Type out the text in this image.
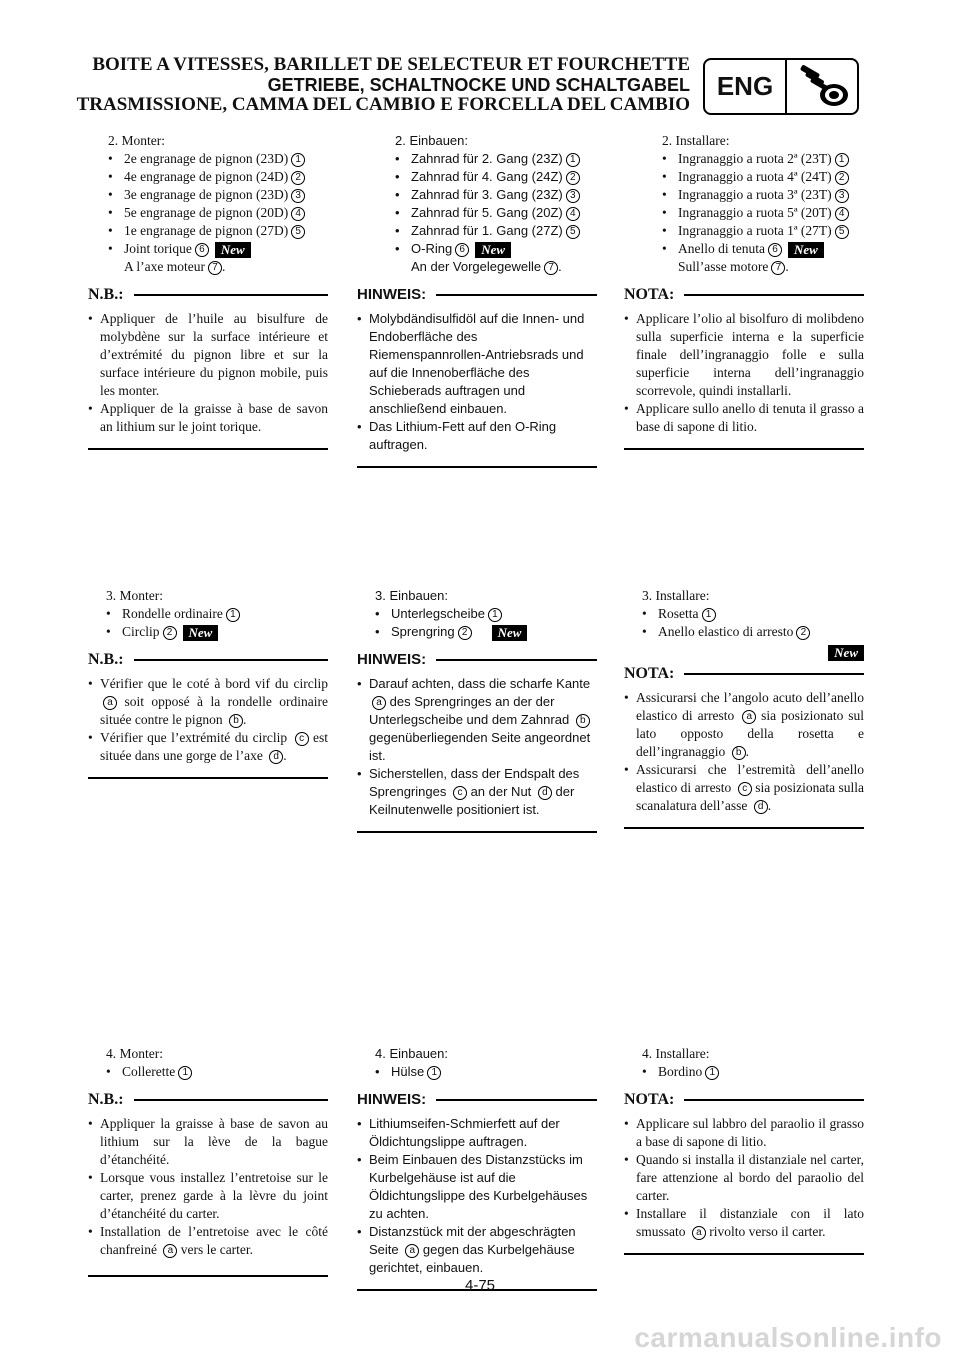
BOITE A VITESSES, BARILLET DE SELECTEUR ET FOURCHETTE
GETRIEBE, SCHALTNOCKE UND SCHALTGABEL
TRASMISSIONE, CAMMA DEL CAMBIO E FORCELLA DEL CAMBIO
ENG
2. Monter:
• 2e engranage de pignon (23D) 1
• 4e engranage de pignon (24D) 2
• 3e engranage de pignon (23D) 3
• 5e engranage de pignon (20D) 4
• 1e engranage de pignon (27D) 5
• Joint torique 6 New
A l’axe moteur 7 .
N.B.:

• Appliquer de l’huile au bisulfure de molybdène sur la surface intérieure et d’extrémité du pignon libre et sur la surface intérieure du pignon mobile, puis les monter.

• Appliquer de la graisse à base de savon an lithium sur le joint torique.

2. Einbauen:
• Zahnrad für 2. Gang (23Z) 1
• Zahnrad für 4. Gang (24Z) 2
• Zahnrad für 3. Gang (23Z) 3
• Zahnrad für 5. Gang (20Z) 4
• Zahnrad für 1. Gang (27Z) 5
• O-Ring 6 New
An der Vorgelegewelle 7 .
HINWEIS:

• Molybdändisulfidöl auf die Innen- und Endoberfläche des Riemenspannrollen-Antriebsrads und auf die Innenoberfläche des Schieberads auftragen und anschließend einbauen.

• Das Lithium-Fett auf den O-Ring auftragen.

2. Installare:
• Ingranaggio a ruota 2ª (23T) 1
• Ingranaggio a ruota 4ª (24T) 2
• Ingranaggio a ruota 3ª (23T) 3
• Ingranaggio a ruota 5ª (20T) 4
• Ingranaggio a ruota 1ª (27T) 5
• Anello di tenuta 6 New
Sull’asse motore 7 .
NOTA:

• Applicare l’olio al bisolfuro di molibdeno sulla superficie interna e la superficie finale dell’ingranaggio folle e sulla superficie interna dell’ingranaggio scorrevole, quindi installarli.

• Applicare sullo anello di tenuta il grasso a base di sapone di litio.

3. Monter:
• Rondelle ordinaire 1
• Circlip 2 New
N.B.:

• Vérifier que le coté à bord vif du circlip a soit opposé à la rondelle ordinaire située contre le pignon b .

• Vérifier que l’extrémité du circlip c est située dans une gorge de l’axe d .

3. Einbauen:
• Unterlegscheibe 1
• Sprengring 2 New
HINWEIS:

• Darauf achten, dass die scharfe Kante a des Sprengringes an der der Unterlegscheibe und dem Zahnrad b gegenüberliegenden Seite angeordnet ist.

• Sicherstellen, dass der Endspalt des Sprengringes c an der Nut d der Keilnutenwelle positioniert ist.

3. Installare:
• Rosetta 1
• Anello elastico di arresto 2
New
NOTA:

• Assicurarsi che l’angolo acuto dell’anello elastico di arresto a sia posizionato sul lato opposto della rosetta e dell’ingranaggio b .

• Assicurarsi che l’estremità dell’anello elastico di arresto c sia posizionata sulla scanalatura dell’asse d .

4. Monter:
• Collerette 1
N.B.:

• Appliquer la graisse à base de savon au lithium sur la lève de la bague d’étanchéité.

• Lorsque vous installez l’entretoise sur le carter, prenez garde à la lèvre du joint d’étanchéité du carter.

• Installation de l’entretoise avec le côté chanfreiné a vers le carter.

4. Einbauen:
• Hülse 1
HINWEIS:

• Lithiumseifen-Schmierfett auf der Öldichtungslippe auftragen.

• Beim Einbauen des Distanzstücks im Kurbelgehäuse ist auf die Öldichtungslippe des Kurbelgehäuses zu achten.

• Distanzstück mit der abgeschrägten Seite a gegen das Kurbelgehäuse gerichtet, einbauen.

4. Installare:
• Bordino 1
NOTA:

• Applicare sul labbro del paraolio il grasso a base di sapone di litio.

• Quando si installa il distanziale nel carter, fare attenzione al bordo del paraolio del carter.

• Installare il distanziale con il lato smussato a rivolto verso il carter.

4-75
carmanualsonline.info
